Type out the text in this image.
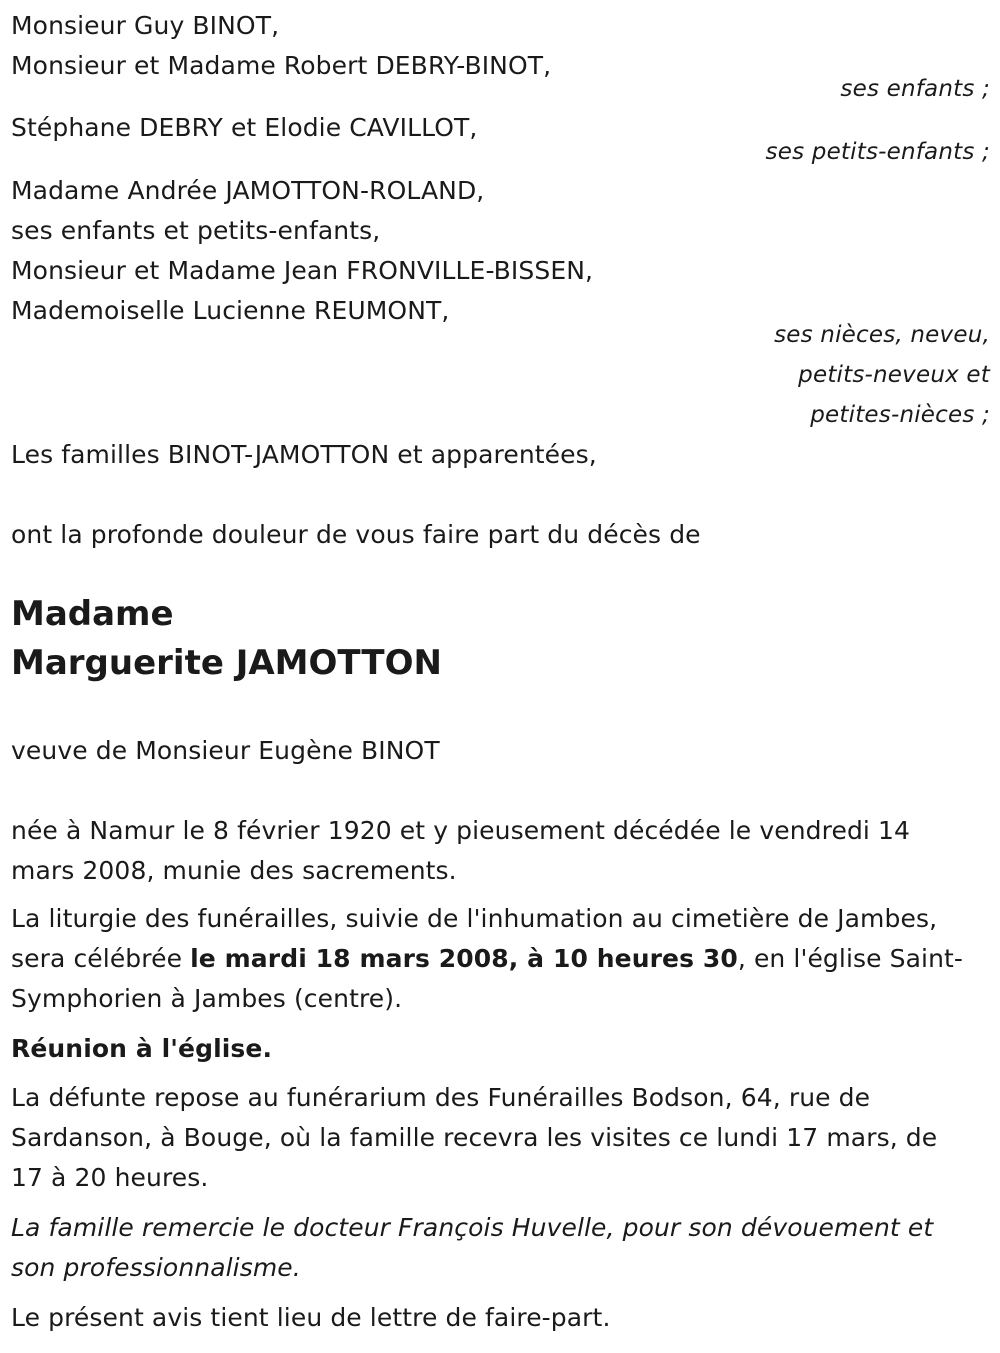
Monsieur Guy BINOT,
Monsieur et Madame Robert DEBRY-BINOT,
ses enfants ;
Stéphane DEBRY et Elodie CAVILLOT,
ses petits-enfants ;
Madame Andrée JAMOTTON-ROLAND,
ses enfants et petits-enfants,
Monsieur et Madame Jean FRONVILLE-BISSEN,
Mademoiselle Lucienne REUMONT,
ses nièces, neveu,
petits-neveux et
petites-nièces ;
Les familles BINOT-JAMOTTON et apparentées,
ont la profonde douleur de vous faire part du décès de
Madame
Marguerite JAMOTTON
veuve de Monsieur Eugène BINOT
née à Namur le 8 février 1920 et y pieusement décédée le vendredi 14
mars 2008, munie des sacrements.
La liturgie des funérailles, suivie de l'inhumation au cimetière de Jambes,
sera célébrée le mardi 18 mars 2008, à 10 heures 30, en l'église Saint-
Symphorien à Jambes (centre).
Réunion à l'église.
La défunte repose au funérarium des Funérailles Bodson, 64, rue de
Sardanson, à Bouge, où la famille recevra les visites ce lundi 17 mars, de
17 à 20 heures.
La famille remercie le docteur François Huvelle, pour son dévouement et
son professionnalisme.
Le présent avis tient lieu de lettre de faire-part.
